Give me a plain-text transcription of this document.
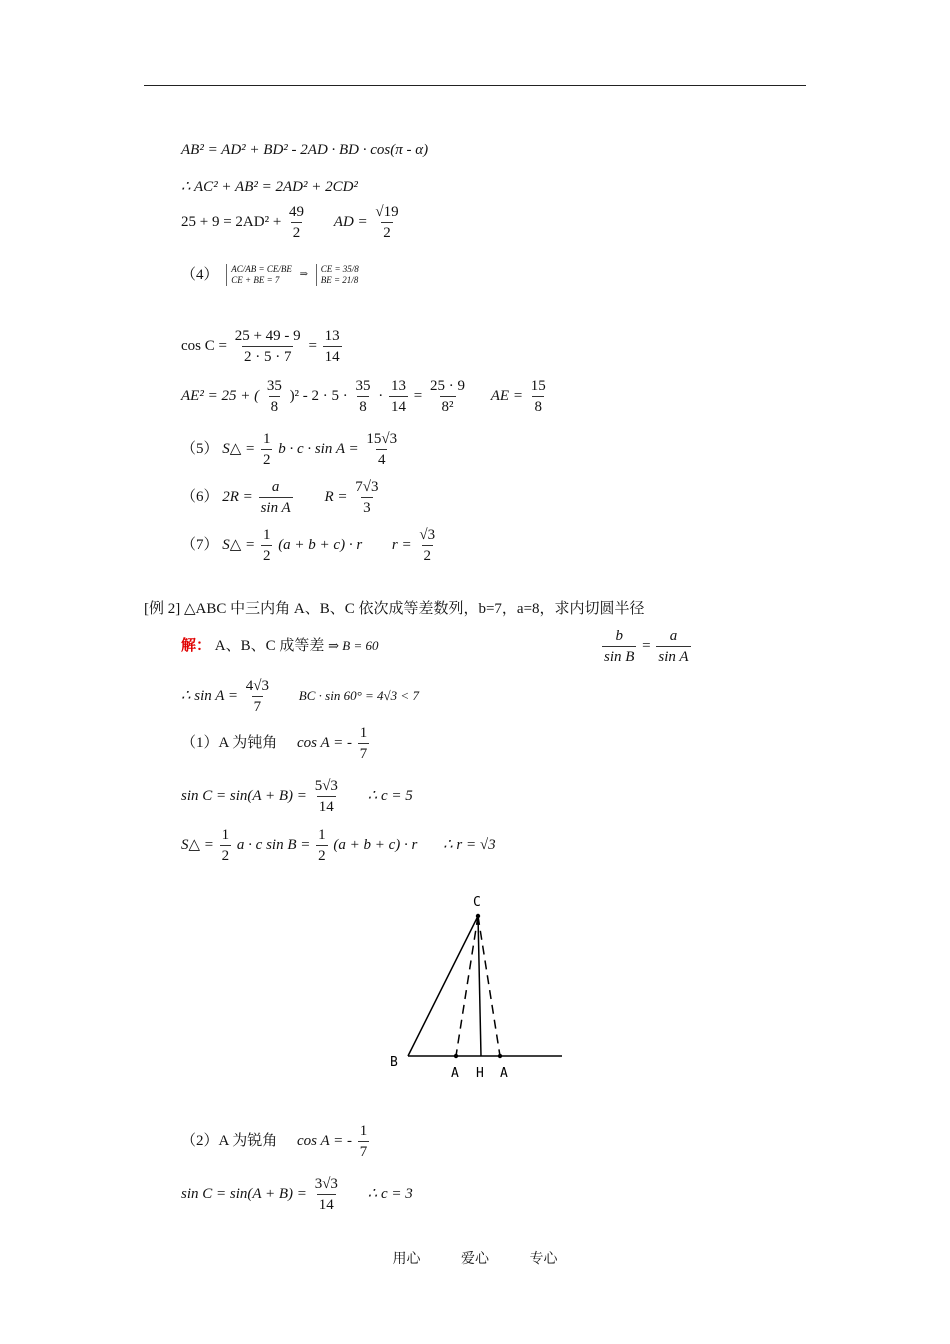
AB² = AD² + BD² - 2AD · BD · cos(π - α)
∴ AC² + AB² = 2AD² + 2CD²
$25 + 9 = 2AD^2 + \frac{49}{2}$ AD = $\frac{√19}{2}$
（4） AC/AB = CE/BE
CE + BE = 7	⇒ CE = 35/8
BE = 21/8
$\cos C = \frac{25 + 49 - 9}{2 \cdot 5 \cdot 7} = \frac{13}{14}$
AE² = 25 + ( $\frac{35}{8} )^2 - 2 \cdot 5 \cdot \frac{35}{8} \cdot \frac{13}{14} = \frac{25 \cdot 9}{\text{8²}}$ AE = $\frac{15}{8}$
（5） S△ = $\frac{1}{2}$ $b \cdot c \cdot \sin A = \frac{15√3}{4}$
（6） $2R = \frac{a}{\text{sin A}}$ $R = \frac{7√3}{3}$
（7） S△ = $\frac{1}{2} (a + b + c) \cdot r$ $r = \frac{√3}{2}$
[例 2] △ABC 中三内角 A、B、C 依次成等差数列，b=7，a=8，求内切圆半径
解： A、B、C 成等差 ⇒ B = 60	$\frac{b}{\text{sin B}} = \frac{a}{\text{sin A}}$
∴ $\sin A = \frac{4√3}{7}$ BC · sin 60° = 4√3 < 7
（1）A 为钝角 cos A = - $\frac{1}{7}$
$\sin C = \sin(A + B) = \frac{5√3}{14}$ ∴ c = 5
S△ = $\frac{1}{2}$ a · c $\sin B = \frac{1}{2} (a + b + c) \cdot r$ ∴ r = √3
C
B
A H A
（2）A 为锐角 cos A = - $\frac{1}{7}$
$\sin C = \sin(A + B) = \frac{3√3}{14}$ ∴ c = 3
用心	爱心	专心
